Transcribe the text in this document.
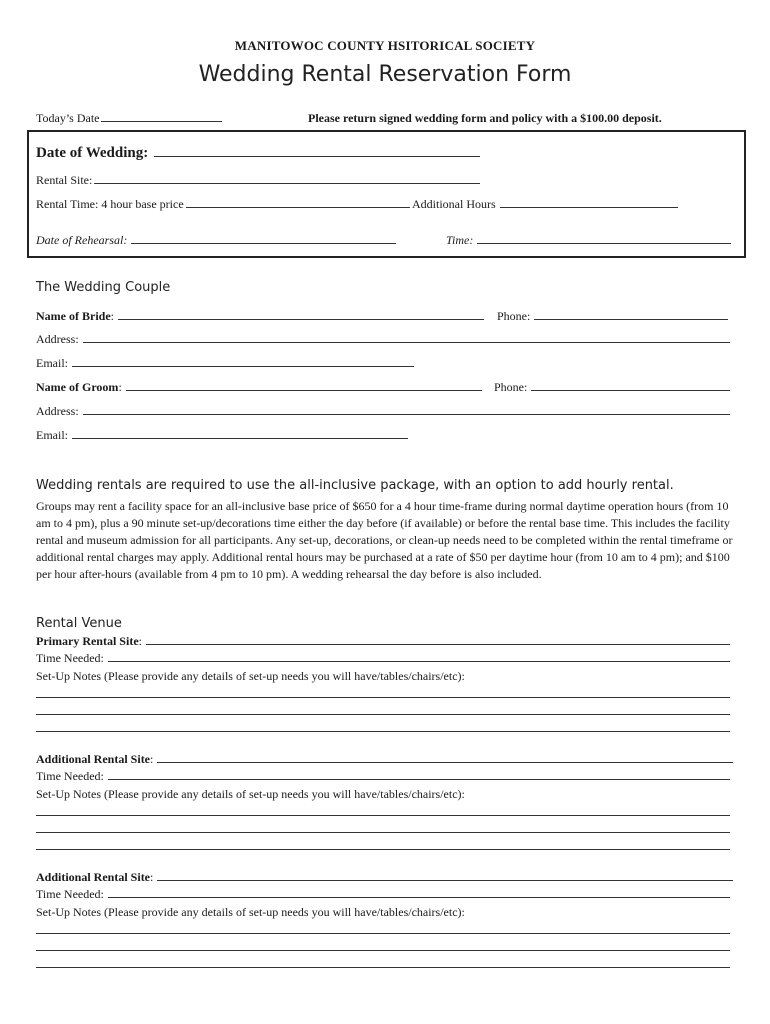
MANITOWOC COUNTY HSITORICAL SOCIETY
Wedding Rental Reservation Form
Today’s Date	Please return signed wedding form and policy with a $100.00 deposit.
Date of Wedding:
Rental Site:
Rental Time: 4 hour base price	Additional Hours
Date of Rehearsal:	Time:
The Wedding Couple
Name of Bride :	Phone:
Address:
Email:
Name of Groom :	Phone:
Address:
Email:
Wedding rentals are required to use the all-inclusive package, with an option to add hourly rental.
Groups may rent a facility space for an all-inclusive base price of $650 for a 4 hour time-frame during normal daytime operation hours (from 10 am to 4 pm), plus a 90 minute set-up/decorations time either the day before (if available) or before the rental base time. This includes the facility rental and museum admission for all participants. Any set-up, decorations, or clean-up needs need to be completed within the rental timeframe or additional rental charges may apply. Additional rental hours may be purchased at a rate of $50 per daytime hour (from 10 am to 4 pm); and $100 per hour after-hours (available from 4 pm to 10 pm). A wedding rehearsal the day before is also included.
Rental Venue
Primary Rental Site :
Time Needed:
Set-Up Notes (Please provide any details of set-up needs you will have/tables/chairs/etc):
Additional Rental Site :
Time Needed:
Set-Up Notes (Please provide any details of set-up needs you will have/tables/chairs/etc):
Additional Rental Site :
Time Needed:
Set-Up Notes (Please provide any details of set-up needs you will have/tables/chairs/etc):
